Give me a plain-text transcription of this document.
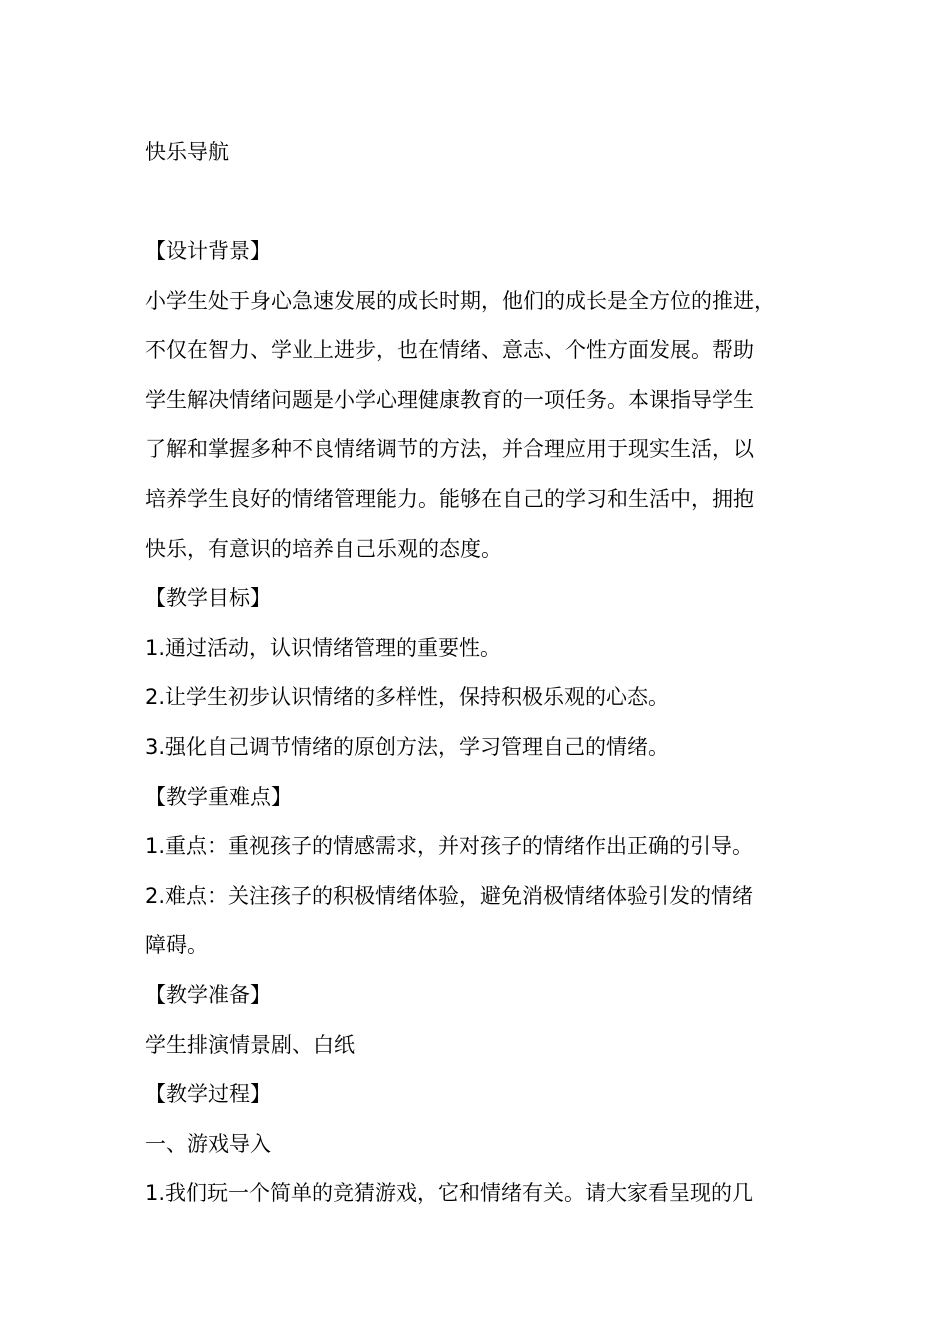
快乐导航
【设计背景】
小学生处于身心急速发展的成长时期，他们的成长是全方位的推进，
不仅在智力、学业上进步，也在情绪、意志、个性方面发展。帮助
学生解决情绪问题是小学心理健康教育的一项任务。本课指导学生
了解和掌握多种不良情绪调节的方法，并合理应用于现实生活，以
培养学生良好的情绪管理能力。能够在自己的学习和生活中，拥抱
快乐，有意识的培养自己乐观的态度。
【教学目标】
1.通过活动，认识情绪管理的重要性。
2.让学生初步认识情绪的多样性，保持积极乐观的心态。
3.强化自己调节情绪的原创方法，学习管理自己的情绪。
【教学重难点】
1.重点：重视孩子的情感需求，并对孩子的情绪作出正确的引导。
2.难点：关注孩子的积极情绪体验，避免消极情绪体验引发的情绪
障碍。
【教学准备】
学生排演情景剧、白纸
【教学过程】
一、游戏导入
1.我们玩一个简单的竞猜游戏，它和情绪有关。请大家看呈现的几
